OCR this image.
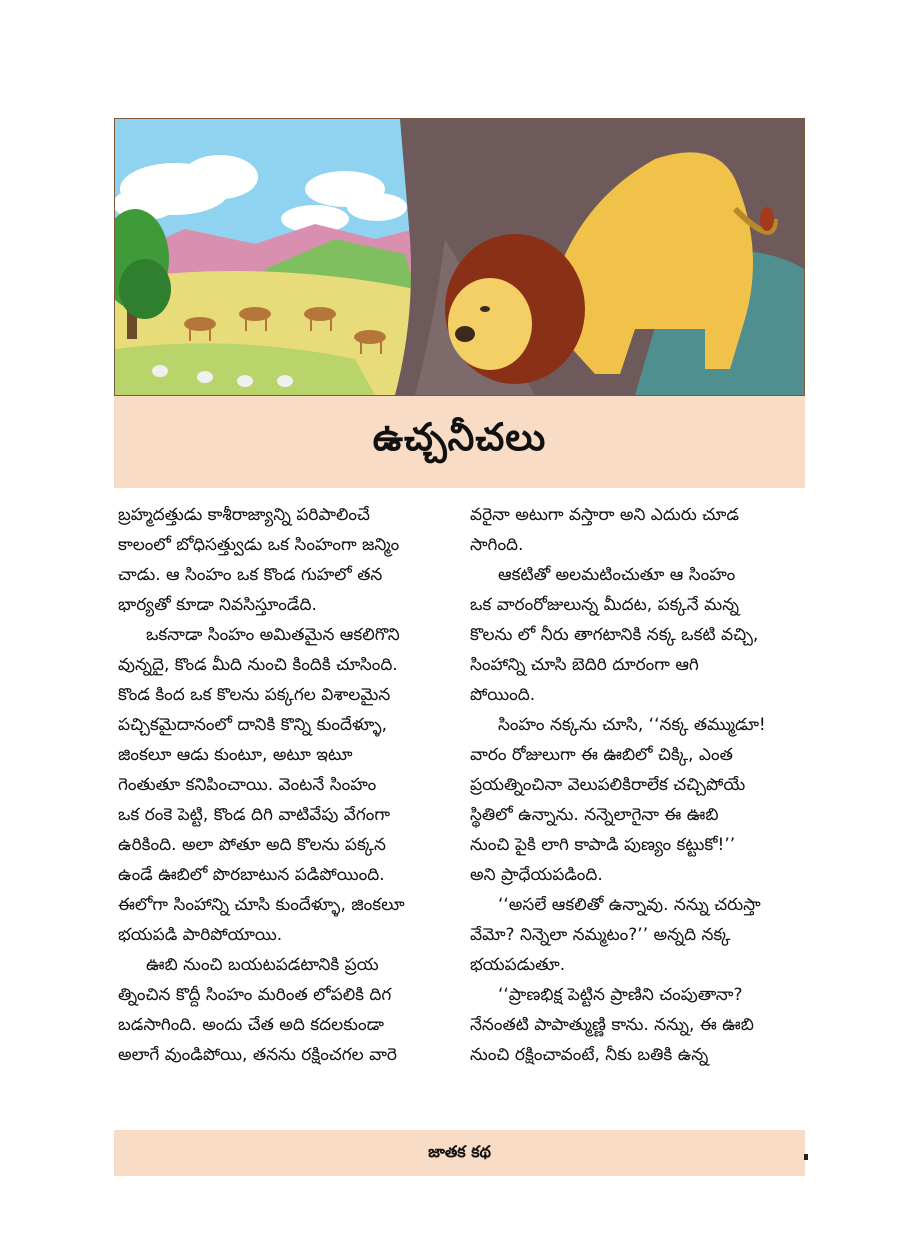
ఉచ్చనీచలు
బ్రహ్మదత్తుడు కాశీరాజ్యాన్ని పరిపాలించే
కాలంలో బోధిసత్త్వుడు ఒక సింహంగా జన్మిం
చాడు. ఆ సింహం ఒక కొండ గుహలో తన
భార్యతో కూడా నివసిస్తూండేది.
ఒకనాడా సింహం అమితమైన ఆకలిగొని
వున్నదై, కొండ మీది నుంచి కిందికి చూసింది.
కొండ కింద ఒక కొలను పక్కగల విశాలమైన
పచ్చికమైదానంలో దానికి కొన్ని కుందేళ్ళూ,
జింకలూ ఆడు కుంటూ, అటూ ఇటూ
గెంతుతూ కనిపించాయి. వెంటనే సింహం
ఒక రంకె పెట్టి, కొండ దిగి వాటివేపు వేగంగా
ఉరికింది. అలా పోతూ అది కొలను పక్కన
ఉండే ఊబిలో పొరబాటున పడిపోయింది.
ఈలోగా సింహాన్ని చూసి కుందేళ్ళూ, జింకలూ
భయపడి పారిపోయాయి.
ఊబి నుంచి బయటపడటానికి ప్రయ
త్నించిన కొద్దీ సింహం మరింత లోపలికి దిగ
బడసాగింది. అందు చేత అది కదలకుండా
అలాగే వుండిపోయి, తనను రక్షించగల వారె
వరైనా అటుగా వస్తారా అని ఎదురు చూడ
సాగింది.
ఆకటితో అలమటించుతూ ఆ సింహం
ఒక వారంరోజులున్న మీదట, పక్కనే మన్న
కొలను లో నీరు తాగటానికి నక్క ఒకటి వచ్చి,
సింహాన్ని చూసి బెదిరి దూరంగా ఆగి
పోయింది.
సింహం నక్కను చూసి, ‘‘నక్క తమ్ముడూ!
వారం రోజులుగా ఈ ఊబిలో చిక్కి, ఎంత
ప్రయత్నించినా వెలుపలికిరాలేక చచ్చిపోయే
స్థితిలో ఉన్నాను. నన్నెలాగైనా ఈ ఊబి
నుంచి పైకి లాగి కాపాడి పుణ్యం కట్టుకో!’’
అని ప్రాధేయపడింది.
‘‘అసలే ఆకలితో ఉన్నావు. నన్ను చరుస్తా
వేమో? నిన్నెలా నమ్మటం?’’ అన్నది నక్క
భయపడుతూ.
‘‘ప్రాణభిక్ష పెట్టిన ప్రాణిని చంపుతానా?
నేనంతటి పాపాత్ముణ్ణి కాను. నన్ను, ఈ ఊబి
నుంచి రక్షించావంటే, నీకు బతికి ఉన్న
జాతక కథ
